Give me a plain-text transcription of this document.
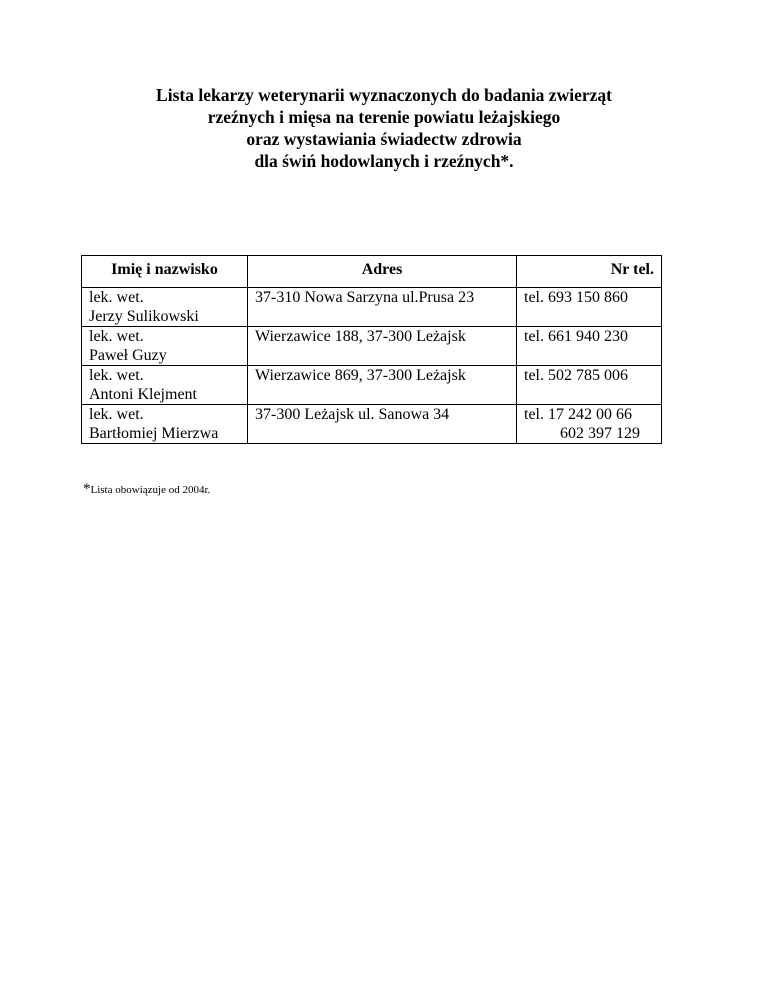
Lista lekarzy weterynarii wyznaczonych do badania zwierząt
rzeźnych i mięsa na terenie powiatu leżajskiego
oraz wystawiania świadectw zdrowia
dla świń hodowlanych i rzeźnych*.
Imię i nazwisko	Adres	Nr tel.

lek. wet.
Jerzy Sulikowski	37-310 Nowa Sarzyna ul.Prusa 23	tel. 693 150 860

lek. wet.
Paweł Guzy	Wierzawice 188, 37-300 Leżajsk	tel. 661 940 230

lek. wet.
Antoni Klejment	Wierzawice 869, 37-300 Leżajsk	tel. 502 785 006

lek. wet.
Bartłomiej Mierzwa	37-300 Leżajsk ul. Sanowa 34	tel. 17 242 00 66
602 397 129
*Lista obowiązuje od 2004r.
